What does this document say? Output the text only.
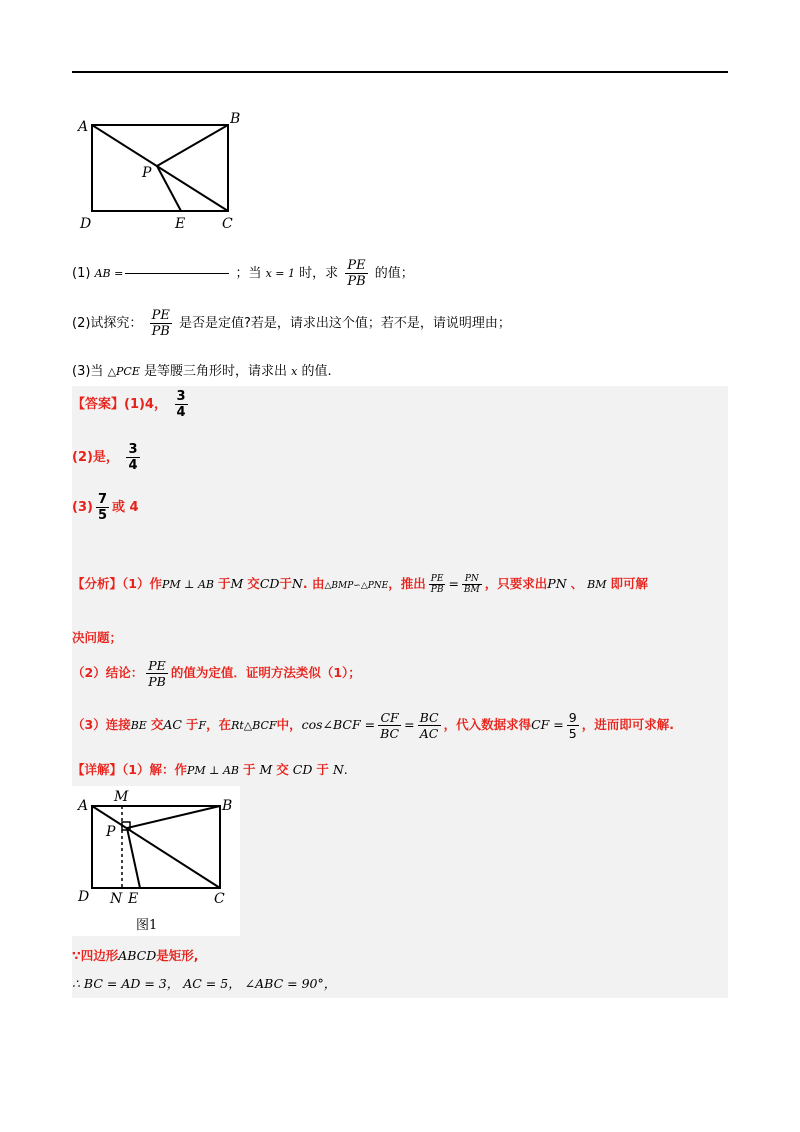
A	B
P
D	E	C
(1) AB =	；当 x = 1 时，求 $\frac{PE}{PB}$ 的值；
(2)试探究： $\frac{PE}{PB}$ 是否是定值?若是，请求出这个值；若不是，请说明理由；
(3)当 △PCE 是等腰三角形时，请求出 x 的值.
【答案】(1)4， $\frac{3}{4}$
(2)是， $\frac{3}{4}$
$(3) \frac{7}{5}$ 或 4
【分析】（1）作PM ⊥ AB 于M 交CD于N. 由△BMP∽△PNE，推出 $\frac{PE}{PB} = \frac{PN}{BM}$ ，只要求出PN 、 BM 即可解
决问题；
（2）结论： $\frac{PE}{PB}$ 的值为定值．证明方法类似（1）；
（3）连接BE 交AC 于F，在Rt△BCF中，cos∠BCF = $\frac{CF}{BC} = \frac{BC}{AC}$ ，代入数据求得CF = $\frac{9}{5}$ ，进而即可求解.
【详解】（1）解：作PM ⊥ AB 于 M 交 CD 于 N.
A
M
B
P
D N E	C
图1
∵四边形ABCD是矩形,
∴ BC = AD = 3， AC = 5， ∠ABC = 90°，
